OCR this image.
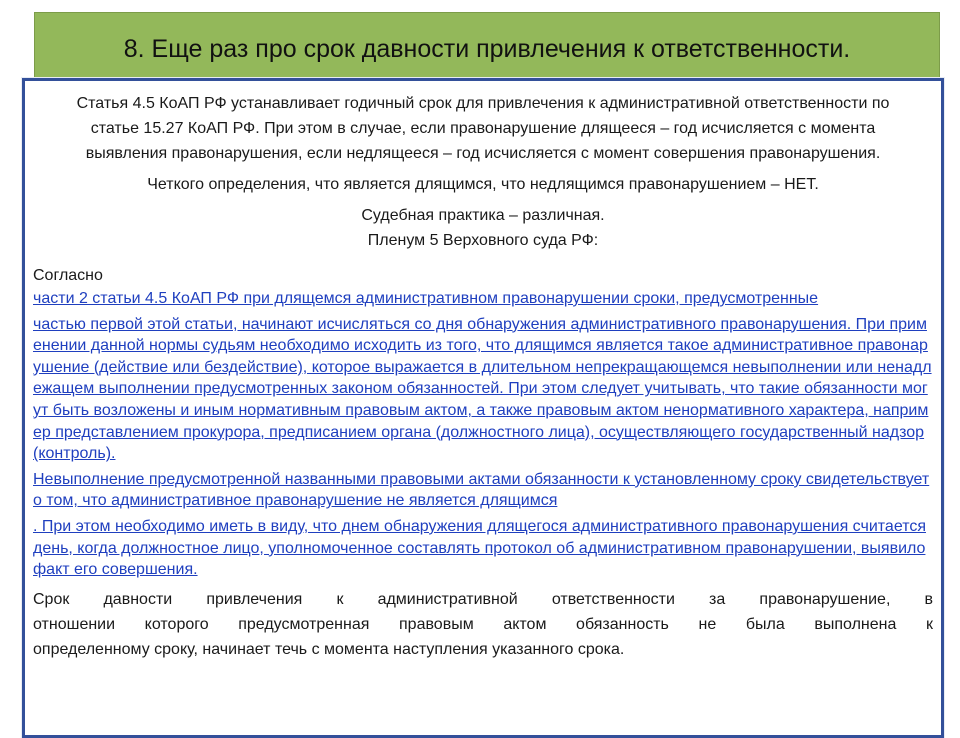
8. Еще раз про срок давности привлечения к ответственности.

Статья 4.5 КоАП РФ устанавливает годичный срок для привлечения к административной ответственности по статье 15.27 КоАП РФ. При этом в случае, если правонарушение длящееся – год исчисляется с момента выявления правонарушения, если недлящееся – год исчисляется с момент совершения правонарушения.

Четкого определения, что является длящимся, что недлящимся правонарушением – НЕТ.

Судебная практика – различная.

Пленум 5 Верховного суда РФ:

Согласно

части 2 статьи 4.5 КоАП РФ при длящемся административном правонарушении сроки, предусмотренные

частью первой этой статьи, начинают исчисляться со дня обнаружения административного правонарушения. При применении данной нормы судьям необходимо исходить из того, что длящимся является такое административное правонарушение (действие или бездействие), которое выражается в длительном непрекращающемся невыполнении или ненадлежащем выполнении предусмотренных законом обязанностей. При этом следует учитывать, что такие обязанности могут быть возложены и иным нормативным правовым актом, а также правовым актом ненормативного характера, например представлением прокурора, предписанием органа (должностного лица), осуществляющего государственный надзор (контроль).

Невыполнение предусмотренной названными правовыми актами обязанности к установленному сроку свидетельствует о том, что административное правонарушение не является длящимся

. При этом необходимо иметь в виду, что днем обнаружения длящегося административного правонарушения считается день, когда должностное лицо, уполномоченное составлять протокол об административном правонарушении, выявило факт его совершения.

Срок давности привлечения к административной ответственности за правонарушение, в

отношении которого предусмотренная правовым актом обязанность не была выполнена к

определенному сроку, начинает течь с момента наступления указанного срока.
